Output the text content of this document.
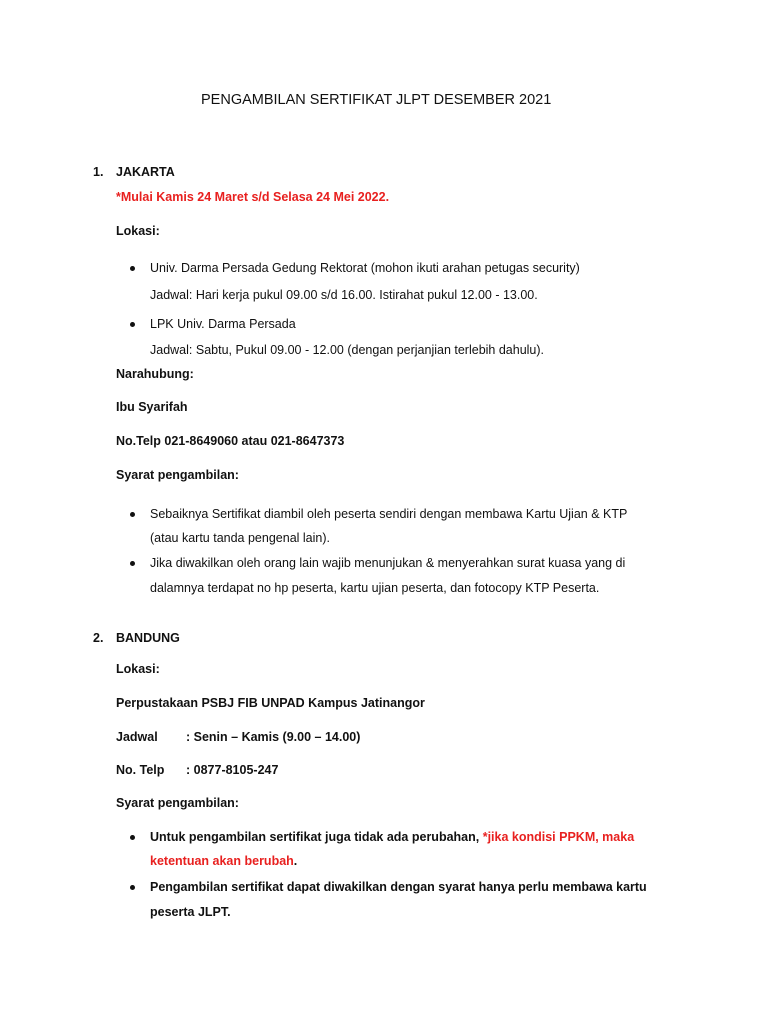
PENGAMBILAN SERTIFIKAT JLPT DESEMBER 2021
1. JAKARTA
*Mulai Kamis 24 Maret s/d Selasa 24 Mei 2022.
Lokasi:
Univ. Darma Persada Gedung Rektorat (mohon ikuti arahan petugas security)
Jadwal: Hari kerja pukul 09.00 s/d 16.00. Istirahat pukul 12.00 - 13.00.
LPK Univ. Darma Persada
Jadwal: Sabtu, Pukul 09.00 - 12.00 (dengan perjanjian terlebih dahulu).
Narahubung:
Ibu Syarifah
No.Telp 021-8649060 atau 021-8647373
Syarat pengambilan:
Sebaiknya Sertifikat diambil oleh peserta sendiri dengan membawa Kartu Ujian & KTP
(atau kartu tanda pengenal lain).
Jika diwakilkan oleh orang lain wajib menunjukan & menyerahkan surat kuasa yang di
dalamnya terdapat no hp peserta, kartu ujian peserta, dan fotocopy KTP Peserta.
2. BANDUNG
Lokasi:
Perpustakaan PSBJ FIB UNPAD Kampus Jatinangor
Jadwal : Senin – Kamis (9.00 – 14.00)
No. Telp : 0877-8105-247
Syarat pengambilan:
Untuk pengambilan sertifikat juga tidak ada perubahan, *jika kondisi PPKM, maka
ketentuan akan berubah.
Pengambilan sertifikat dapat diwakilkan dengan syarat hanya perlu membawa kartu
peserta JLPT.
